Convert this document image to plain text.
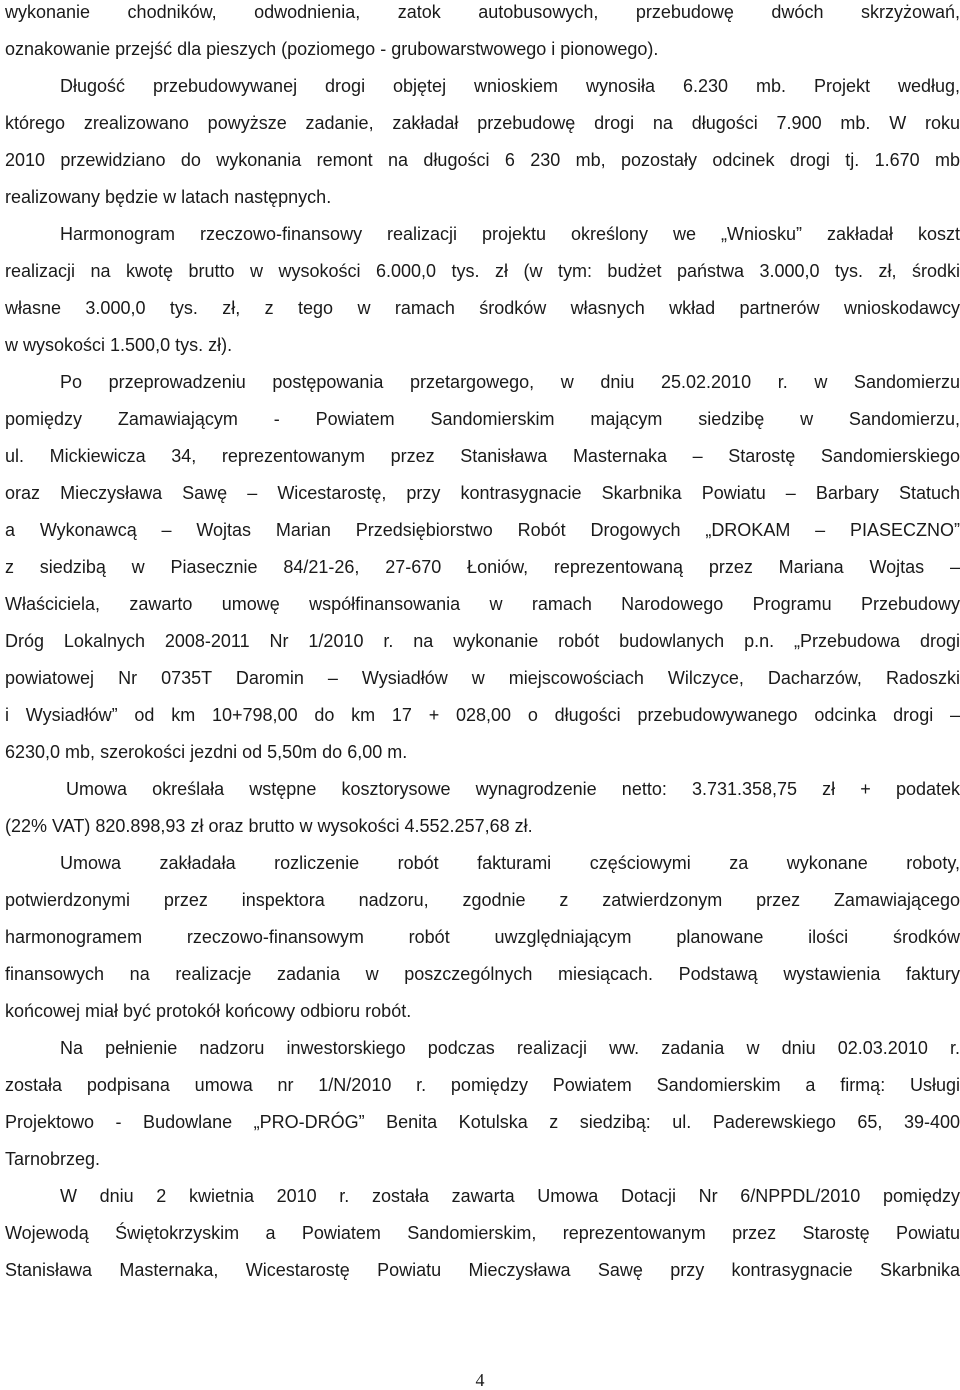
wykonanie chodników, odwodnienia, zatok autobusowych, przebudowę dwóch skrzyżowań,
oznakowanie przejść dla pieszych (poziomego - grubowarstwowego i pionowego).
Długość przebudowywanej drogi objętej wnioskiem wynosiła 6.230 mb. Projekt według,
którego zrealizowano powyższe zadanie, zakładał przebudowę drogi na długości 7.900 mb. W roku
2010 przewidziano do wykonania remont na długości 6 230 mb, pozostały odcinek drogi tj. 1.670 mb
realizowany będzie w latach następnych.
Harmonogram rzeczowo-finansowy realizacji projektu określony we „Wniosku” zakładał koszt
realizacji na kwotę brutto w wysokości 6.000,0 tys. zł (w tym: budżet państwa 3.000,0 tys. zł, środki
własne 3.000,0 tys. zł, z tego w ramach środków własnych wkład partnerów wnioskodawcy
w wysokości 1.500,0 tys. zł).
Po przeprowadzeniu postępowania przetargowego, w dniu 25.02.2010 r. w Sandomierzu
pomiędzy Zamawiającym - Powiatem Sandomierskim mającym siedzibę w Sandomierzu,
ul. Mickiewicza 34, reprezentowanym przez Stanisława Masternaka – Starostę Sandomierskiego
oraz Mieczysława Sawę – Wicestarostę, przy kontrasygnacie Skarbnika Powiatu – Barbary Statuch
a Wykonawcą – Wojtas Marian Przedsiębiorstwo Robót Drogowych „DROKAM – PIASECZNO”
z siedzibą w Piasecznie 84/21-26, 27-670 Łoniów, reprezentowaną przez Mariana Wojtas –
Właściciela, zawarto umowę współfinansowania w ramach Narodowego Programu Przebudowy
Dróg Lokalnych 2008-2011 Nr 1/2010 r. na wykonanie robót budowlanych p.n. „Przebudowa drogi
powiatowej Nr 0735T Daromin – Wysiadłów w miejscowościach Wilczyce, Dacharzów, Radoszki
i Wysiadłów” od km 10+798,00 do km 17 + 028,00 o długości przebudowywanego odcinka drogi –
6230,0 mb, szerokości jezdni od 5,50m do 6,00 m.
Umowa określała wstępne kosztorysowe wynagrodzenie netto: 3.731.358,75 zł + podatek
(22% VAT) 820.898,93 zł oraz brutto w wysokości 4.552.257,68 zł.
Umowa zakładała rozliczenie robót fakturami częściowymi za wykonane roboty,
potwierdzonymi przez inspektora nadzoru, zgodnie z zatwierdzonym przez Zamawiającego
harmonogramem rzeczowo-finansowym robót uwzględniającym planowane ilości środków
finansowych na realizacje zadania w poszczególnych miesiącach. Podstawą wystawienia faktury
końcowej miał być protokół końcowy odbioru robót.
Na pełnienie nadzoru inwestorskiego podczas realizacji ww. zadania w dniu 02.03.2010 r.
została podpisana umowa nr 1/N/2010 r. pomiędzy Powiatem Sandomierskim a firmą: Usługi
Projektowo - Budowlane „PRO-DRÓG” Benita Kotulska z siedzibą: ul. Paderewskiego 65, 39-400
Tarnobrzeg.
W dniu 2 kwietnia 2010 r. została zawarta Umowa Dotacji Nr 6/NPPDL/2010 pomiędzy
Wojewodą Świętokrzyskim a Powiatem Sandomierskim, reprezentowanym przez Starostę Powiatu
Stanisława Masternaka, Wicestarostę Powiatu Mieczysława Sawę przy kontrasygnacie Skarbnika
4
